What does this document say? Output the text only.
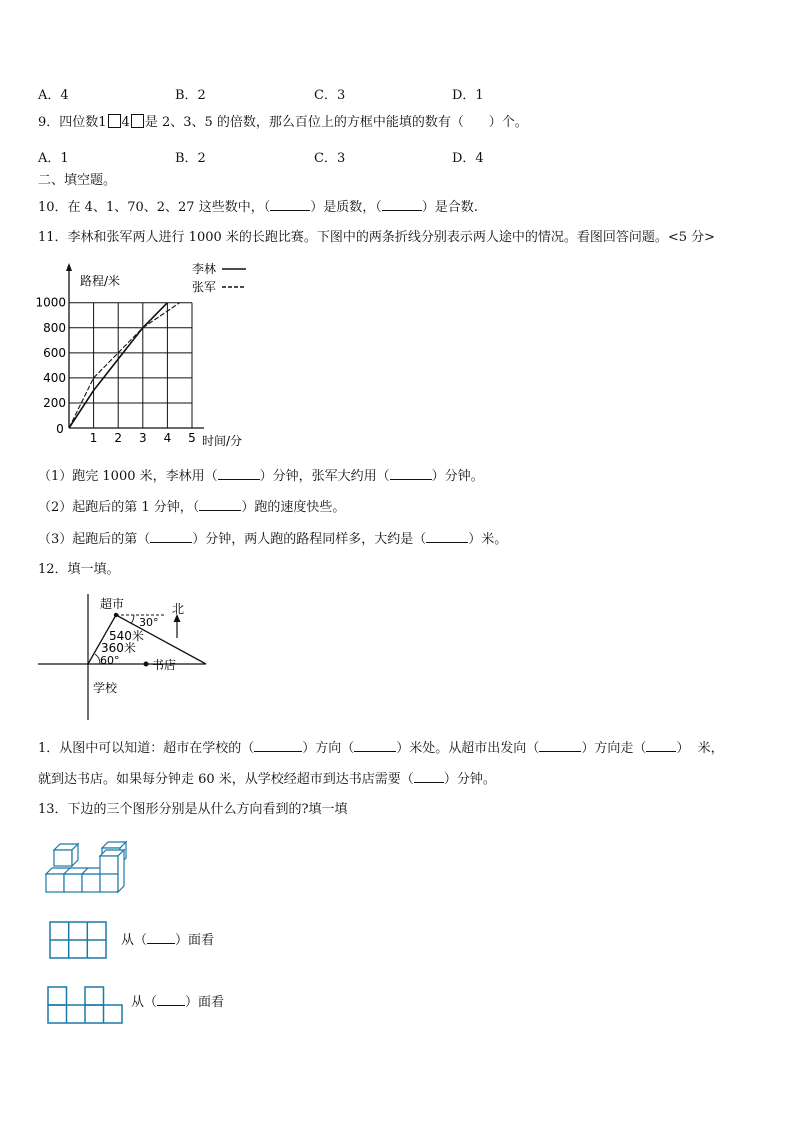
A．4	B．2	C．3	D．1
9．四位数1 4 是 2、3、5 的倍数，那么百位上的方框中能填的数有（      ）个。
A．1	B．2	C．3	D．4
二、填空题。
10．在 4、1、70、2、27 这些数中，（	）是质数，（	）是合数.
11．李林和张军两人进行 1000 米的长跑比赛。下图中的两条折线分别表示两人途中的情况。看图回答问题。<5 分>
路程/米
时间/分
0
1 2 3 4 5
1000
800
600
400
200
李林
张军
（1）跑完 1000 米，李林用（	）分钟，张军大约用（	）分钟。
（2）起跑后的第 1 分钟，（	）跑的速度快些。
（3）起跑后的第（	）分钟，两人跑的路程同样多，大约是（	）米。
12．填一填。
北
超市
30°
540米
360米
60°	书店
学校
1．从图中可以知道：超市在学校的（	）方向（	）米处。从超市出发向（	）方向走（ ）  米，
就到达书店。如果每分钟走 60 米，从学校经超市到达书店需要（ ）分钟。
13．下边的三个图形分别是从什么方向看到的?填一填
从（ ）面看
从（ ）面看
